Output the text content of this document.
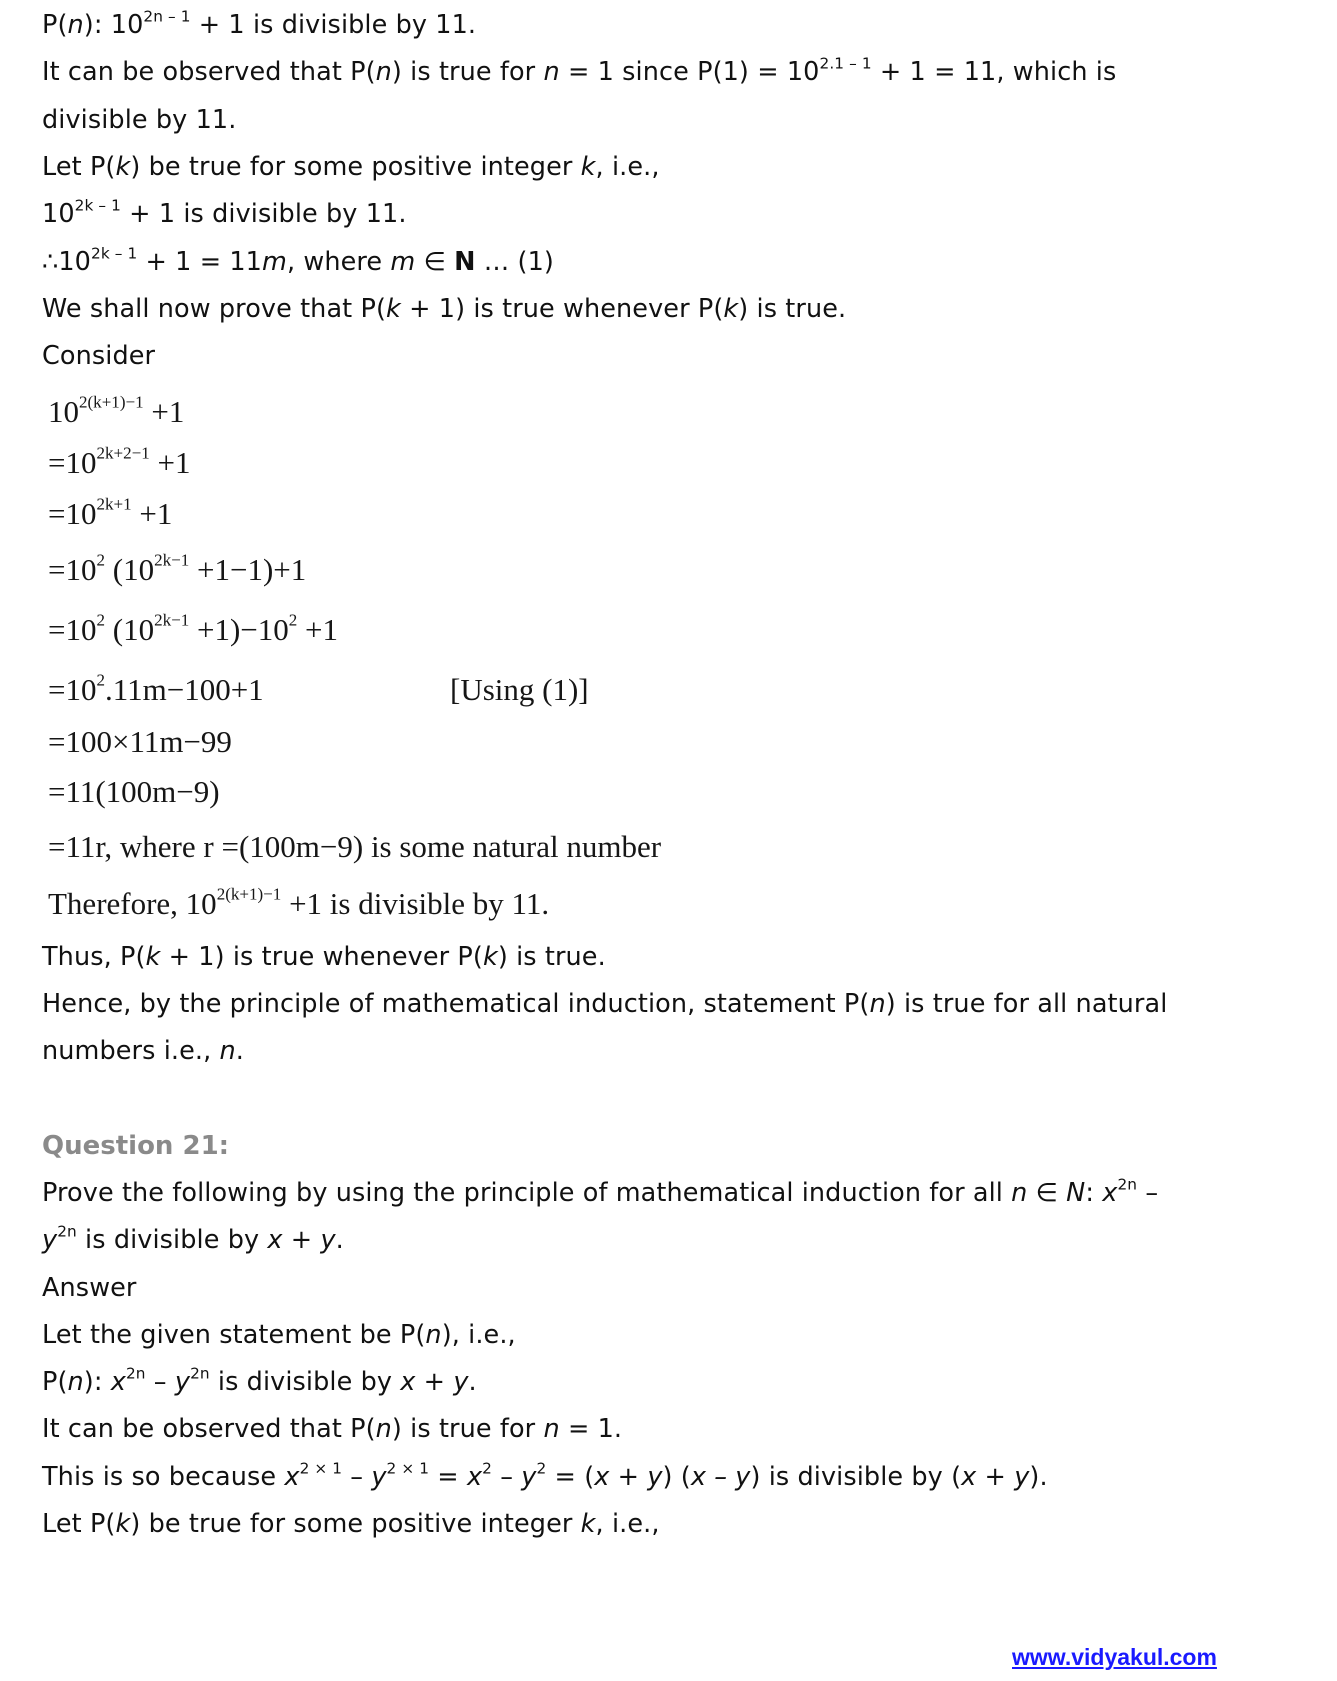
P(n): $10^{2n - 1} + 1$ is divisible by 11.
It can be observed that P(n) is true for n = 1 since $P(1) = 10^{2.1 - 1} + 1 = 11$, which is
divisible by 11.
Let P(k) be true for some positive integer k, i.e.,
$10^{2k - 1} + 1$ is divisible by 11.
$\therefore 10^{2k - 1} + 1 = 11m$, where m ∈ N … (1)
We shall now prove that P(k + 1) is true whenever P(k) is true.
Consider
$10^{2(k+1)-1} +1$
$=10^{2k+2-1} +1$
$=10^{2k+1} +1$
$=10^2$ $(10^{2k-1} +1-1)+1$
$=10^2$ $(10^{2k-1} +1)-10^2 +1$
$=10^2.11m-100+1$	[Using (1)]
=100×11m−99
=11(100m−9)
=11r, where r =(100m−9) is some natural number
Therefore, $10^{2(k+1)-1} +1$ is divisible by 11.
Thus, P(k + 1) is true whenever P(k) is true.
Hence, by the principle of mathematical induction, statement P(n) is true for all natural
numbers i.e., n.
Question 21:
Prove the following by using the principle of mathematical induction for all n ∈ N: $x^{2n}$ –
$y^{2n}$ is divisible by x + y.
Answer
Let the given statement be P(n), i.e.,
P(n): $x^{2n} - y^{2n}$ is divisible by x + y.
It can be observed that P(n) is true for n = 1.
This is so because $x^{2 \times 1} - y^{2 \times 1} = x^2 - y^2 = (x + y)$ (x – y) is divisible by (x + y).
Let P(k) be true for some positive integer k, i.e.,
www.vidyakul.com
